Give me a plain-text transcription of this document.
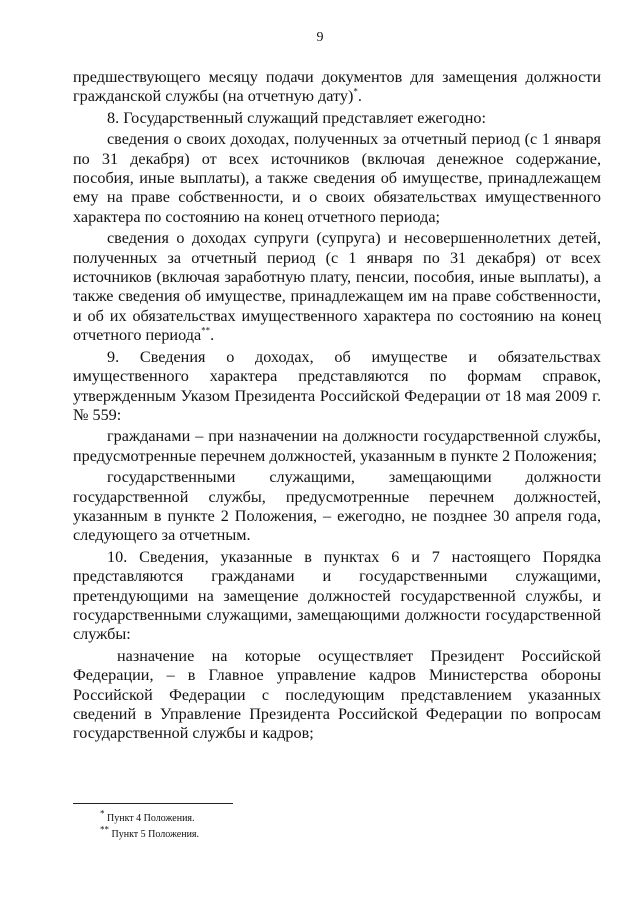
9

предшествующего месяцу подачи документов для замещения должности гражданской службы (на отчетную дату)*.

8. Государственный служащий представляет ежегодно:

сведения о своих доходах, полученных за отчетный период (с 1 января по 31 декабря) от всех источников (включая денежное содержание, пособия, иные выплаты), а также сведения об имуществе, принадлежащем ему на праве собственности, и о своих обязательствах имущественного характера по состоянию на конец отчетного периода;

сведения о доходах супруги (супруга) и несовершеннолетних детей, полученных за отчетный период (с 1 января по 31 декабря) от всех источников (включая заработную плату, пенсии, пособия, иные выплаты), а также сведения об имуществе, принадлежащем им на праве собственности, и об их обязательствах имущественного характера по состоянию на конец отчетного периода**.

9. Сведения о доходах, об имуществе и обязательствах имущественного характера представляются по формам справок, утвержденным Указом Президента Российской Федерации от 18 мая 2009 г. № 559:

гражданами – при назначении на должности государственной службы, предусмотренные перечнем должностей, указанным в пункте 2 Положения;

государственными служащими, замещающими должности государственной службы, предусмотренные перечнем должностей, указанным в пункте 2 Положения, – ежегодно, не позднее 30 апреля года, следующего за отчетным.

10. Сведения, указанные в пунктах 6 и 7 настоящего Порядка представляются гражданами и государственными служащими, претендующими на замещение должностей государственной службы, и государственными служащими, замещающими должности государственной службы:

назначение на которые осуществляет Президент Российской Федерации, – в Главное управление кадров Министерства обороны Российской Федерации с последующим представлением указанных сведений в Управление Президента Российской Федерации по вопросам государственной службы и кадров;

* Пункт 4 Положения.
** Пункт 5 Положения.
